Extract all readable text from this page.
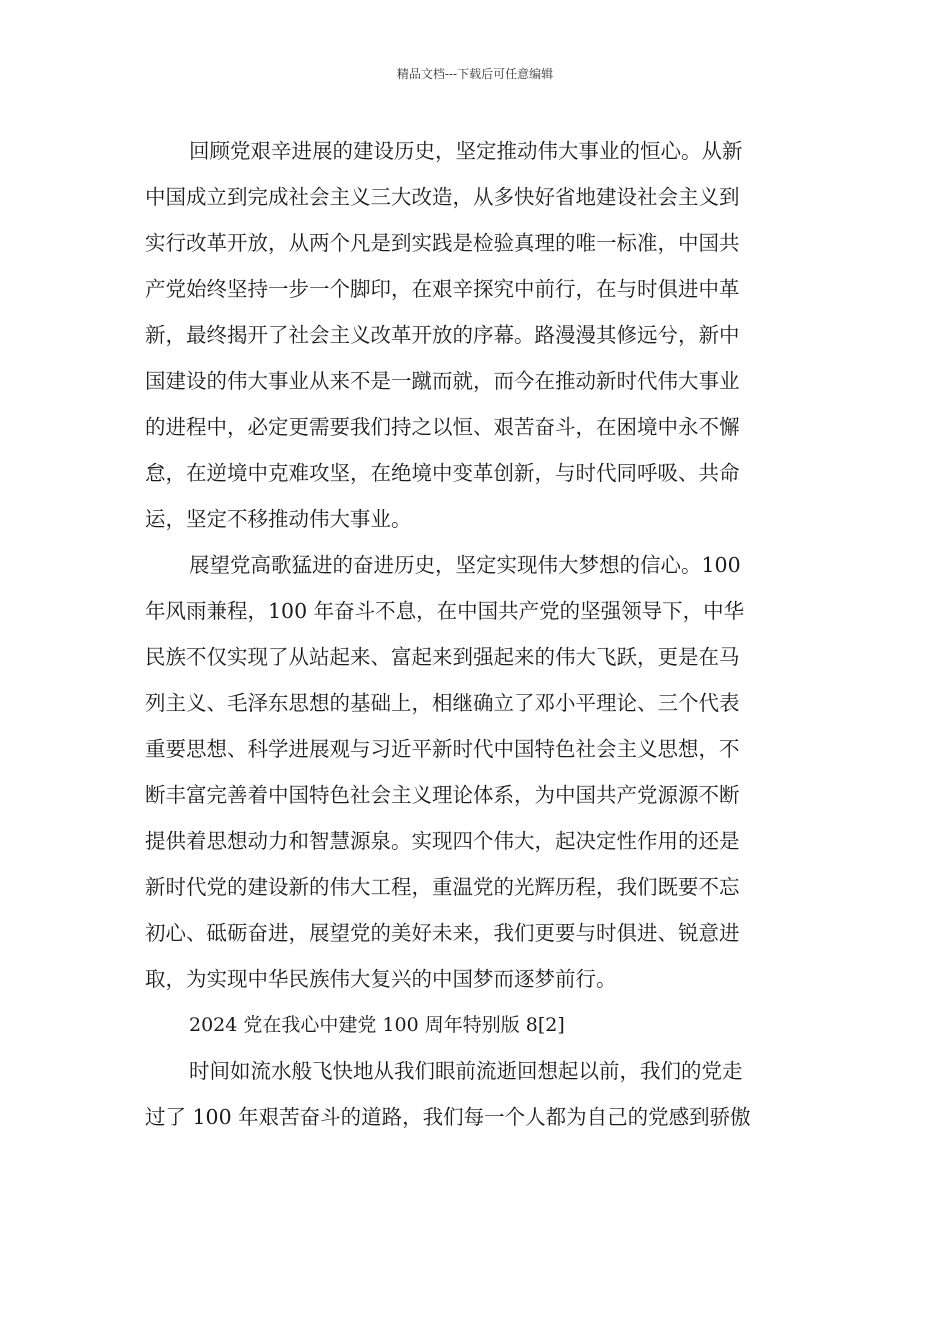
精品文档---下载后可任意编辑
回顾党艰辛进展的建设历史，坚定推动伟大事业的恒心。从新
中国成立到完成社会主义三大改造，从多快好省地建设社会主义到
实行改革开放，从两个凡是到实践是检验真理的唯一标准，中国共
产党始终坚持一步一个脚印，在艰辛探究中前行，在与时俱进中革
新，最终揭开了社会主义改革开放的序幕。路漫漫其修远兮，新中
国建设的伟大事业从来不是一蹴而就，而今在推动新时代伟大事业
的进程中，必定更需要我们持之以恒、艰苦奋斗，在困境中永不懈
怠，在逆境中克难攻坚，在绝境中变革创新，与时代同呼吸、共命
运，坚定不移推动伟大事业。
展望党高歌猛进的奋进历史，坚定实现伟大梦想的信心。100
年风雨兼程，100 年奋斗不息，在中国共产党的坚强领导下，中华
民族不仅实现了从站起来、富起来到强起来的伟大飞跃，更是在马
列主义、毛泽东思想的基础上，相继确立了邓小平理论、三个代表
重要思想、科学进展观与习近平新时代中国特色社会主义思想，不
断丰富完善着中国特色社会主义理论体系，为中国共产党源源不断
提供着思想动力和智慧源泉。实现四个伟大，起决定性作用的还是
新时代党的建设新的伟大工程，重温党的光辉历程，我们既要不忘
初心、砥砺奋进，展望党的美好未来，我们更要与时俱进、锐意进
取，为实现中华民族伟大复兴的中国梦而逐梦前行。
2024 党在我心中建党 100 周年特别版 8[2]
时间如流水般飞快地从我们眼前流逝回想起以前，我们的党走
过了 100 年艰苦奋斗的道路，我们每一个人都为自己的党感到骄傲
